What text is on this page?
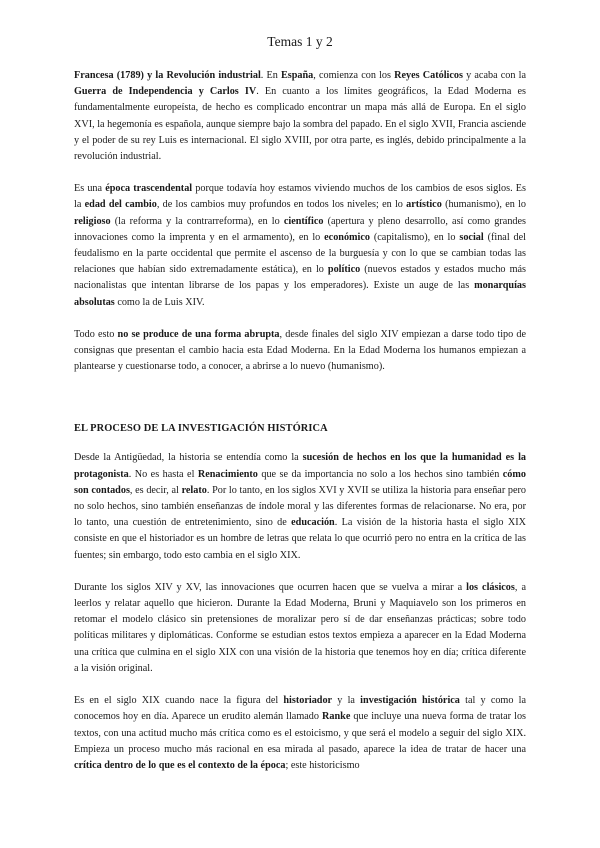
Temas 1 y 2

Francesa (1789) y la Revolución industrial. En España, comienza con los Reyes Católicos y acaba con la Guerra de Independencia y Carlos IV. En cuanto a los límites geográficos, la Edad Moderna es fundamentalmente europeísta, de hecho es complicado encontrar un mapa más allá de Europa. En el siglo XVI, la hegemonía es española, aunque siempre bajo la sombra del papado. En el siglo XVII, Francia asciende y el poder de su rey Luis es internacional. El siglo XVIII, por otra parte, es inglés, debido principalmente a la revolución industrial.

Es una época trascendental porque todavía hoy estamos viviendo muchos de los cambios de esos siglos. Es la edad del cambio, de los cambios muy profundos en todos los niveles; en lo artístico (humanismo), en lo religioso (la reforma y la contrarreforma), en lo científico (apertura y pleno desarrollo, así como grandes innovaciones como la imprenta y en el armamento), en lo económico (capitalismo), en lo social (final del feudalismo en la parte occidental que permite el ascenso de la burguesía y con lo que se cambian todas las relaciones que habían sido extremadamente estática), en lo político (nuevos estados y estados mucho más nacionalistas que intentan librarse de los papas y los emperadores). Existe un auge de las monarquías absolutas como la de Luis XIV.

Todo esto no se produce de una forma abrupta, desde finales del siglo XIV empiezan a darse todo tipo de consignas que presentan el cambio hacia esta Edad Moderna. En la Edad Moderna los humanos empiezan a plantearse y cuestionarse todo, a conocer, a abrirse a lo nuevo (humanismo).

EL PROCESO DE LA INVESTIGACIÓN HISTÓRICA

Desde la Antigüedad, la historia se entendía como la sucesión de hechos en los que la humanidad es la protagonista. No es hasta el Renacimiento que se da importancia no solo a los hechos sino también cómo son contados, es decir, al relato. Por lo tanto, en los siglos XVI y XVII se utiliza la historia para enseñar pero no solo hechos, sino también enseñanzas de índole moral y las diferentes formas de relacionarse. No era, por lo tanto, una cuestión de entretenimiento, sino de educación. La visión de la historia hasta el siglo XIX consiste en que el historiador es un hombre de letras que relata lo que ocurrió pero no entra en la crítica de las fuentes; sin embargo, todo esto cambia en el siglo XIX.

Durante los siglos XIV y XV, las innovaciones que ocurren hacen que se vuelva a mirar a los clásicos, a leerlos y relatar aquello que hicieron. Durante la Edad Moderna, Bruni y Maquiavelo son los primeros en retomar el modelo clásico sin pretensiones de moralizar pero sí de dar enseñanzas prácticas; sobre todo políticas militares y diplomáticas. Conforme se estudian estos textos empieza a aparecer en la Edad Moderna una crítica que culmina en el siglo XIX con una visión de la historia que tenemos hoy en día; crítica diferente a la visión original.

Es en el siglo XIX cuando nace la figura del historiador y la investigación histórica tal y como la conocemos hoy en día. Aparece un erudito alemán llamado Ranke que incluye una nueva forma de tratar los textos, con una actitud mucho más crítica como es el estoicismo, y que será el modelo a seguir del siglo XIX. Empieza un proceso mucho más racional en esa mirada al pasado, aparece la idea de tratar de hacer una crítica dentro de lo que es el contexto de la época; este historicismo
